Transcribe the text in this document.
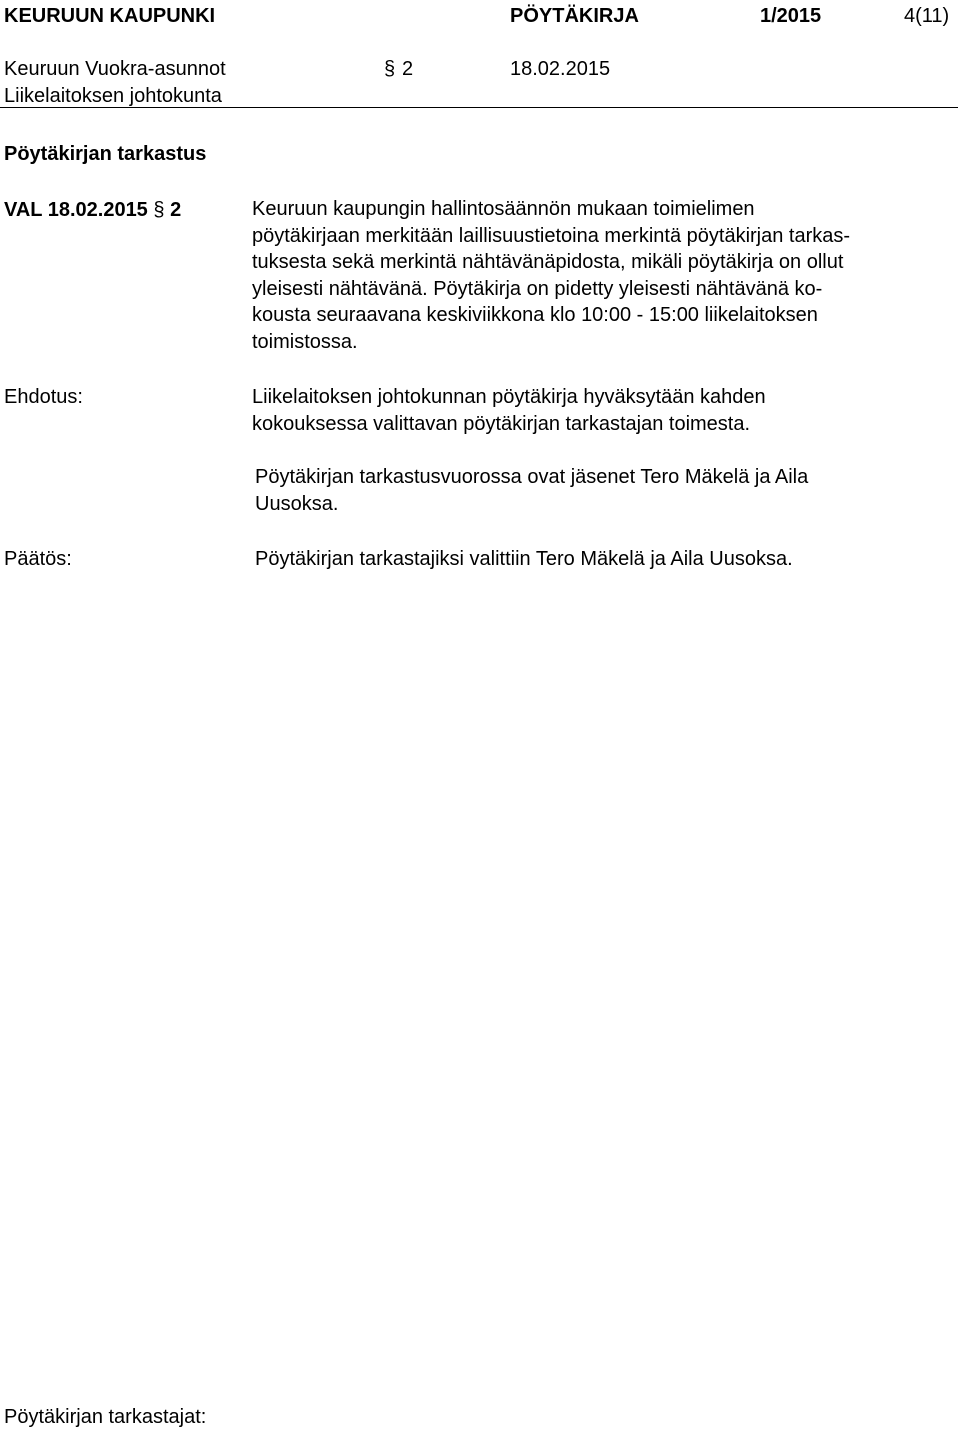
KEURUUN KAUPUNKI	PÖYTÄKIRJA	1/2015	4(11)
Keuruun Vuokra-asunnot
Liikelaitoksen johtokunta
§ 2	18.02.2015
Pöytäkirjan tarkastus
VAL 18.02.2015 § 2	Keuruun kaupungin hallintosäännön mukaan toimielimen
pöytäkirjaan merkitään laillisuustietoina merkintä pöytäkirjan tarkas-
tuksesta sekä merkintä nähtävänäpidosta, mikäli pöytäkirja on ollut
yleisesti nähtävänä. Pöytäkirja on pidetty yleisesti nähtävänä ko-
kousta seuraavana keskiviikkona klo 10:00 - 15:00 liikelaitoksen
toimistossa.
Ehdotus:	Liikelaitoksen johtokunnan pöytäkirja hyväksytään kahden
kokouksessa valittavan pöytäkirjan tarkastajan toimesta.
Pöytäkirjan tarkastusvuorossa ovat jäsenet Tero Mäkelä ja Aila
Uusoksa.
Päätös:	Pöytäkirjan tarkastajiksi valittiin Tero Mäkelä ja Aila Uusoksa.
Pöytäkirjan tarkastajat:
